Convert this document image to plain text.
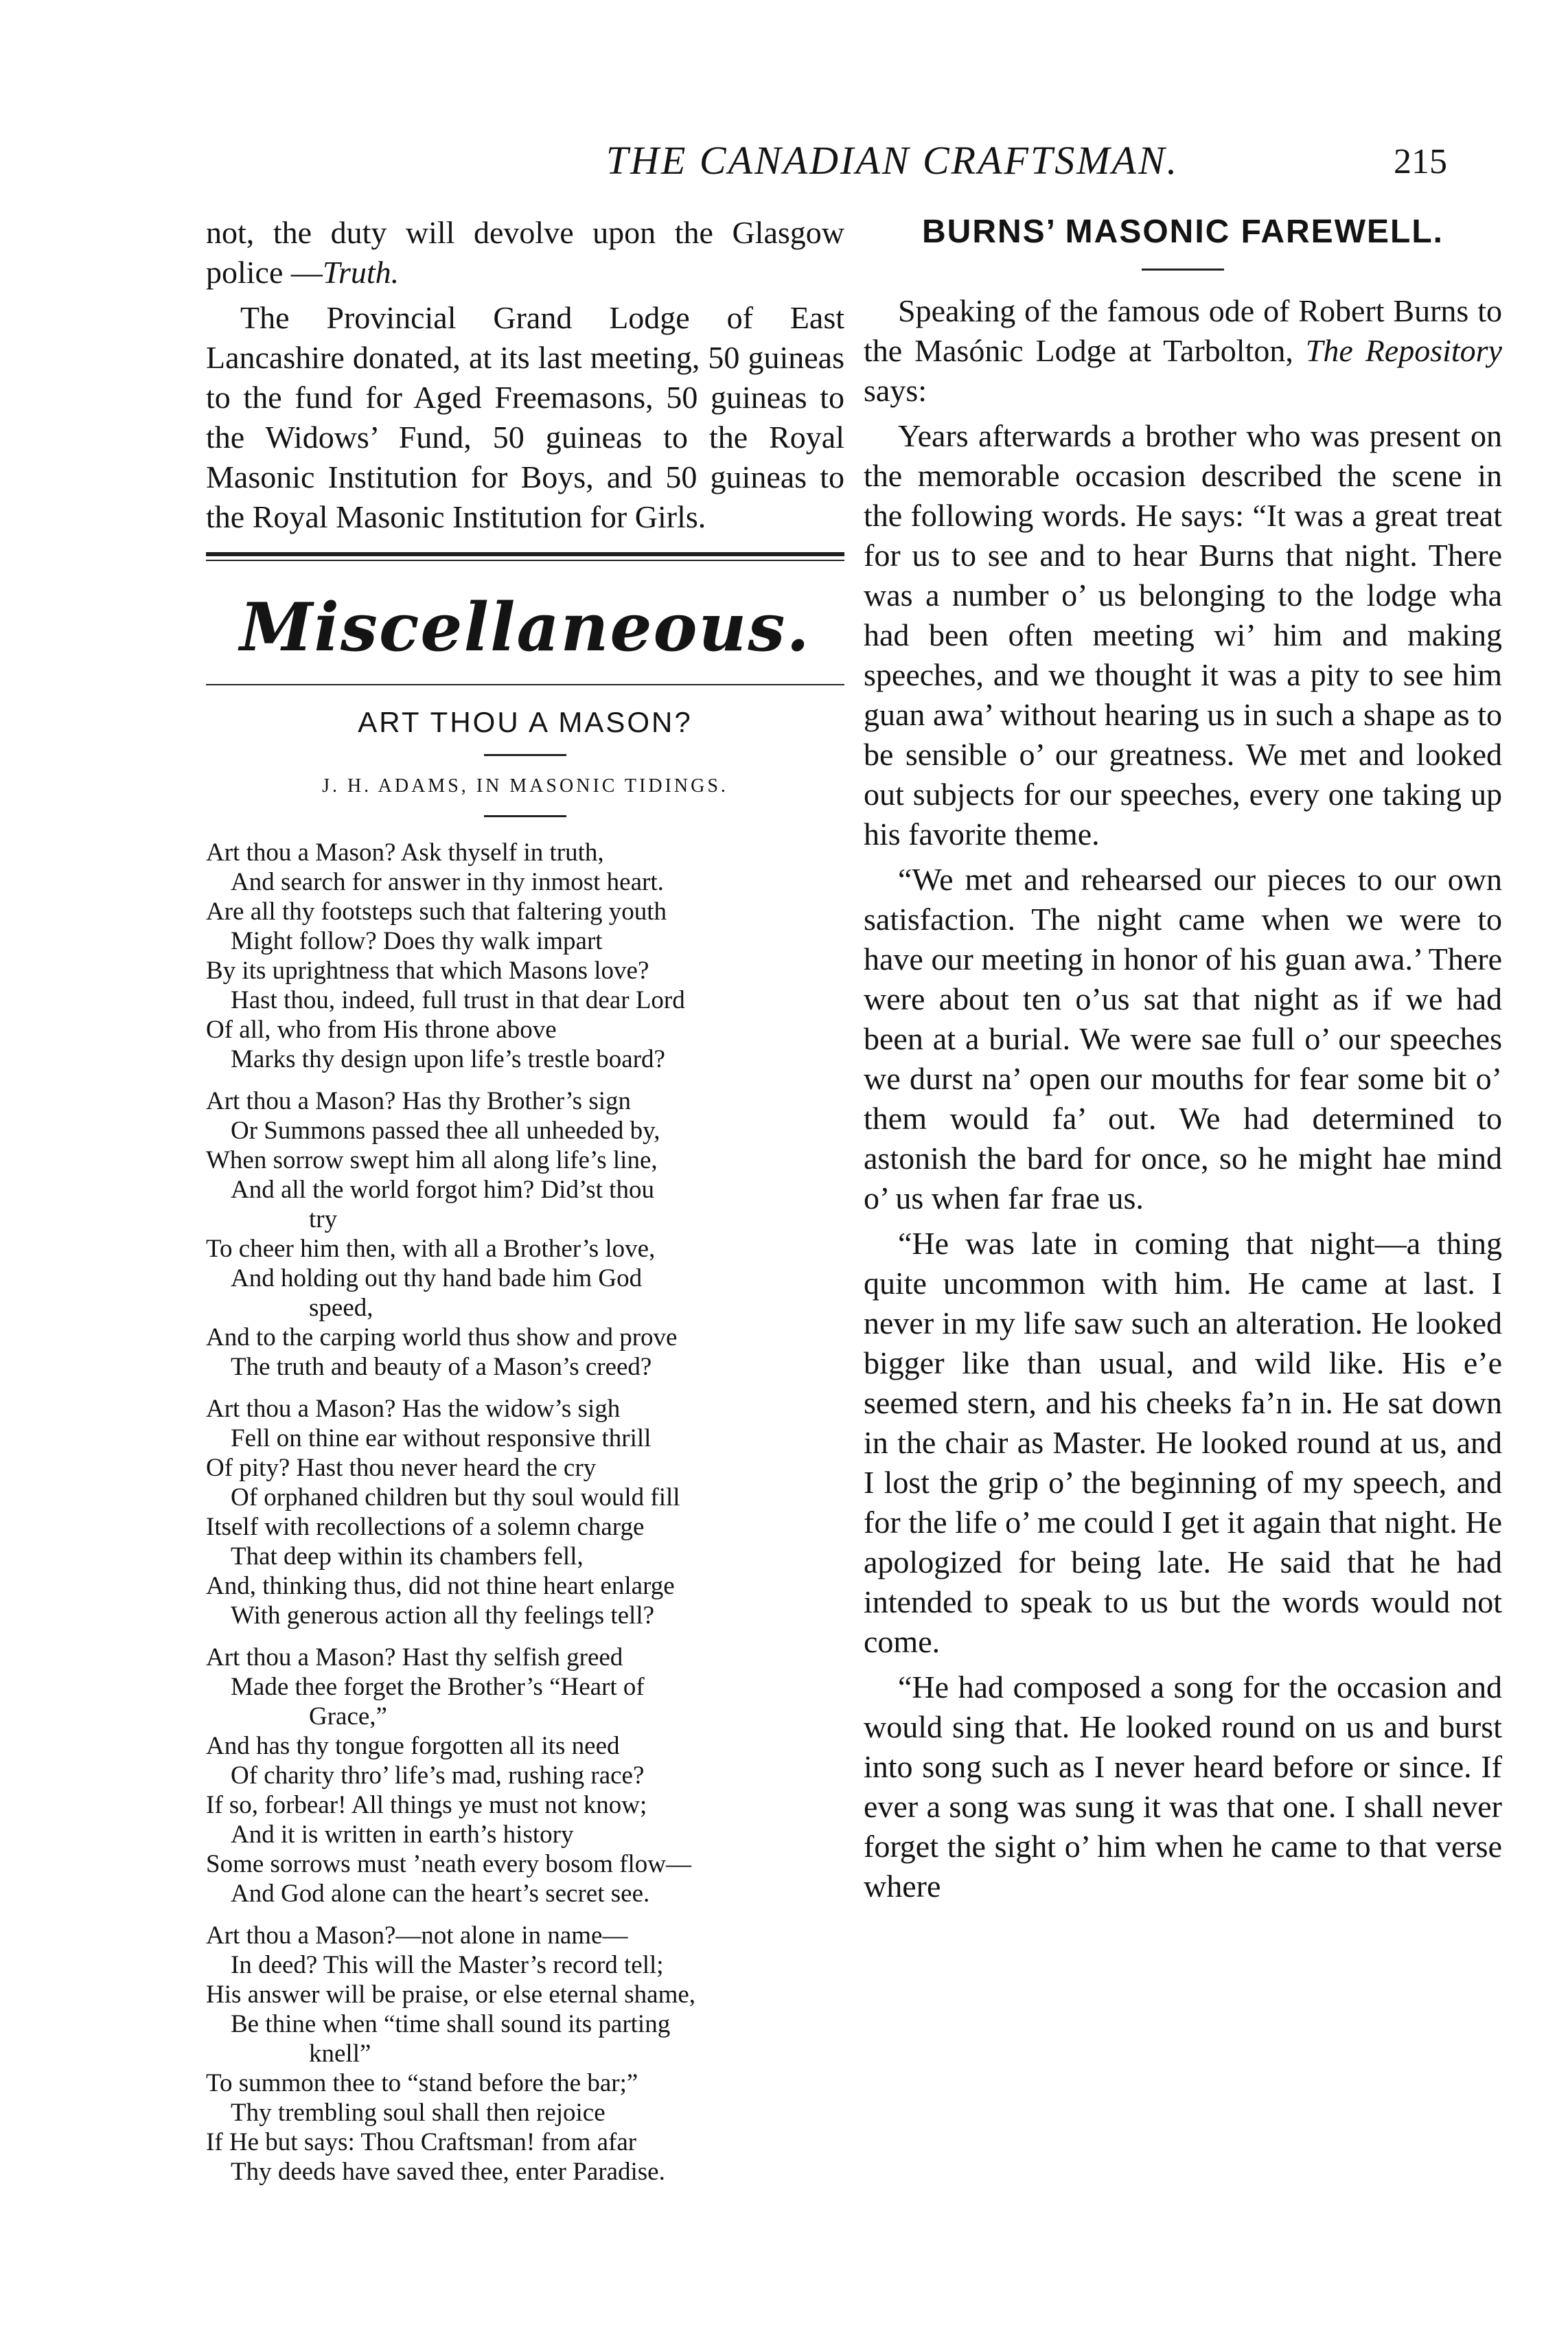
THE CANADIAN CRAFTSMAN.	215

not, the duty will devolve upon the Glasgow police —Truth.

The Provincial Grand Lodge of East Lancashire donated, at its last meeting, 50 guineas to the fund for Aged Freemasons, 50 guineas to the Widows’ Fund, 50 guineas to the Royal Masonic Institution for Boys, and 50 guineas to the Royal Masonic Institution for Girls.

Miscellaneous.
ART THOU A MASON?
J. H. ADAMS, IN MASONIC TIDINGS.
Art thou a Mason? Ask thyself in truth,
And search for answer in thy inmost heart.
Are all thy footsteps such that faltering youth
Might follow? Does thy walk impart
By its uprightness that which Masons love?
Hast thou, indeed, full trust in that dear Lord
Of all, who from His throne above
Marks thy design upon life’s trestle board?
Art thou a Mason? Has thy Brother’s sign
Or Summons passed thee all unheeded by,
When sorrow swept him all along life’s line,
And all the world forgot him? Did’st thou
try
To cheer him then, with all a Brother’s love,
And holding out thy hand bade him God
speed,
And to the carping world thus show and prove
The truth and beauty of a Mason’s creed?
Art thou a Mason? Has the widow’s sigh
Fell on thine ear without responsive thrill
Of pity? Hast thou never heard the cry
Of orphaned children but thy soul would fill
Itself with recollections of a solemn charge
That deep within its chambers fell,
And, thinking thus, did not thine heart enlarge
With generous action all thy feelings tell?
Art thou a Mason? Hast thy selfish greed
Made thee forget the Brother’s “Heart of
Grace,”
And has thy tongue forgotten all its need
Of charity thro’ life’s mad, rushing race?
If so, forbear! All things ye must not know;
And it is written in earth’s history
Some sorrows must ’neath every bosom flow—
And God alone can the heart’s secret see.
Art thou a Mason?—not alone in name—
In deed? This will the Master’s record tell;
His answer will be praise, or else eternal shame,
Be thine when “time shall sound its parting
knell”
To summon thee to “stand before the bar;”
Thy trembling soul shall then rejoice
If He but says: Thou Craftsman! from afar
Thy deeds have saved thee, enter Paradise.
BURNS’ MASONIC FAREWELL.

Speaking of the famous ode of Robert Burns to the Masónic Lodge at Tarbolton, The Repository says:

Years afterwards a brother who was present on the memorable occasion described the scene in the following words. He says: “It was a great treat for us to see and to hear Burns that night. There was a number o’ us belonging to the lodge wha had been often meeting wi’ him and making speeches, and we thought it was a pity to see him guan awa’ without hearing us in such a shape as to be sensible o’ our greatness. We met and looked out subjects for our speeches, every one taking up his favorite theme.

“We met and rehearsed our pieces to our own satisfaction. The night came when we were to have our meeting in honor of his guan awa.’ There were about ten o’us sat that night as if we had been at a burial. We were sae full o’ our speeches we durst na’ open our mouths for fear some bit o’ them would fa’ out. We had determined to astonish the bard for once, so he might hae mind o’ us when far frae us.

“He was late in coming that night—a thing quite uncommon with him. He came at last. I never in my life saw such an alteration. He looked bigger like than usual, and wild like. His e’e seemed stern, and his cheeks fa’n in. He sat down in the chair as Master. He looked round at us, and I lost the grip o’ the beginning of my speech, and for the life o’ me could I get it again that night. He apologized for being late. He said that he had intended to speak to us but the words would not come.

“He had composed a song for the occasion and would sing that. He looked round on us and burst into song such as I never heard before or since. If ever a song was sung it was that one. I shall never forget the sight o’ him when he came to that verse where
